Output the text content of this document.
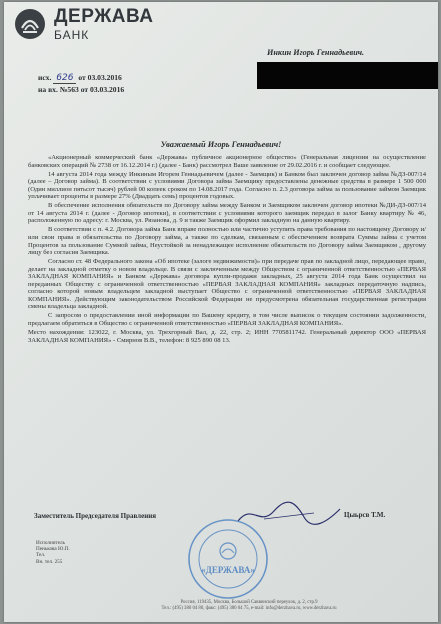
ДЕРЖАВА
БАНК
Инкин Игорь Геннадьевич.
исх. 626 от 03.03.2016
на вх. №563 от 03.03.2016
Уважаемый Игорь Геннадьевич!

«Акционерный коммерческий банк «Держава» публичное акционерное общество» (Генеральная лицензия на осуществление банковских операций № 2738 от 16.12.2014 г.) (далее - Банк) рассмотрел Ваше заявление от 29.02.2016 г. и сообщает следующее.

14 августа 2014 года между Инкиным Игорем Геннадьевичем (далее - Заемщик) и Банком был заключен договор займа №ДЗ-007/14 (далее – Договор займа). В соответствии с условиями Договора займа Заемщику предоставлены денежные средства в размере 1 500 000 (Один миллион пятьсот тысяч) рублей 00 копеек сроком по 14.08.2017 года. Согласно п. 2.3 договора займа за пользование займом Заемщик уплачивает проценты в размере 27% (Двадцать семь) процентов годовых.

В обеспечение исполнения обязательств по Договору займа между Банком и Заемщиком заключен договор ипотеки №ДИ-ДЗ-007/14 от 14 августа 2014 г. (далее - Договор ипотеки), в соответствии с условиями которого заемщик передал в залог Банку квартиру № 46, расположенную по адресу: г. Москва, ул. Рязанова, д. 9 и также Заемщик оформил закладную на данную квартиру.

В соответствии с п. 4.2. Договора займа Банк вправе полностью или частично уступить права требования по настоящему Договору и/или свои права и обязательства по Договору займа, а также по сделкам, связанным с обеспечением возврата Суммы займа с учетом Процентов за пользование Суммой займа, Неустойкой за ненадлежащее исполнение обязательств по Договору займа Заемщиком , другому лицу без согласия Заемщика.

Согласно ст. 48 Федерального закона «Об ипотеке (залоге недвижимости)» при передаче прав по закладной лицо, передающее право, делает на закладной отметку о новом владельце. В связи с заключенным между Обществом с ограниченной ответственностью «ПЕРВАЯ ЗАКЛАДНАЯ КОМПАНИЯ» и Банком «Держава» договора купли-продажи закладных, 25 августа 2014 года Банк осуществил на переданных Обществу с ограниченной ответственностью «ПЕРВАЯ ЗАКЛАДНАЯ КОМПАНИЯ» закладных передаточную надпись, согласно которой новым владельцем закладной выступает Общество с ограниченной ответственностью «ПЕРВАЯ ЗАКЛАДНАЯ КОМПАНИЯ». Действующим законодательством Российской Федерации не предусмотрена обязательная государственная регистрация смены владельца закладной.

С запросом о предоставлении иной информации по Вашему кредиту, в том числе выписок о текущем состоянии задолженности, предлагаем обратиться в Общество с ограниченной ответственностью «ПЕРВАЯ ЗАКЛАДНАЯ КОМПАНИЯ».

Место нахождения: 123022, г. Москва, ул. Трехгорный Вал, д. 22, стр. 2; ИНН 7705811742. Генеральный директор ООО «ПЕРВАЯ ЗАКЛАДНАЯ КОМПАНИЯ» - Смирнов В.В., телефон: 8 925 890 08 13.

Заместитель Председателя Правления	Цыьрсв Т.М.
Исполнитель
Пенькова Ю.П.
Тел.
Вн. тел. 255
«ДЕРЖАВА»
Россия, 119435, Москва, Большой Саввинский переулок, д. 2, стр.9
Тел.: (495) 380 04 80, факс: (495) 380 04 75, e-mail: info@derzhava.ru, www.derzhava.ru
